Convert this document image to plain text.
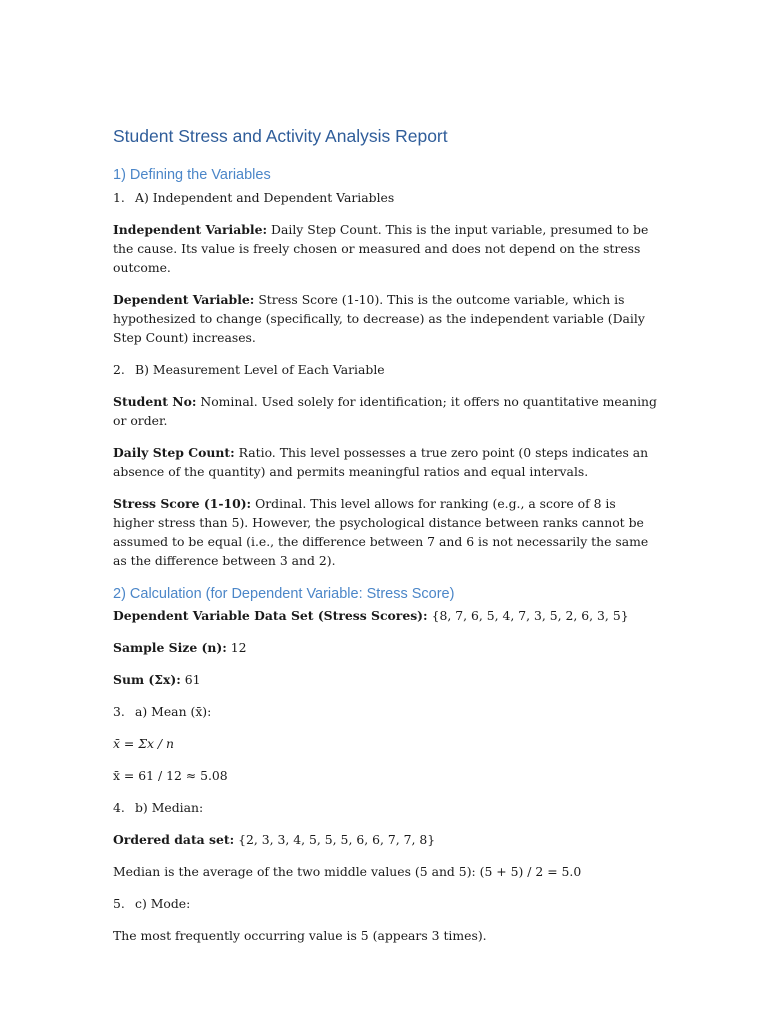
Student Stress and Activity Analysis Report
1) Defining the Variables

1. A) Independent and Dependent Variables

Independent Variable: Daily Step Count. This is the input variable, presumed to be the cause. Its value is freely chosen or measured and does not depend on the stress outcome.

Dependent Variable: Stress Score (1-10). This is the outcome variable, which is hypothesized to change (specifically, to decrease) as the independent variable (Daily Step Count) increases.

2. B) Measurement Level of Each Variable

Student No: Nominal. Used solely for identification; it offers no quantitative meaning or order.

Daily Step Count: Ratio. This level possesses a true zero point (0 steps indicates an absence of the quantity) and permits meaningful ratios and equal intervals.

Stress Score (1-10): Ordinal. This level allows for ranking (e.g., a score of 8 is higher stress than 5). However, the psychological distance between ranks cannot be assumed to be equal (i.e., the difference between 7 and 6 is not necessarily the same as the difference between 3 and 2).

2) Calculation (for Dependent Variable: Stress Score)

Dependent Variable Data Set (Stress Scores): {8, 7, 6, 5, 4, 7, 3, 5, 2, 6, 3, 5}

Sample Size (n): 12

Sum (Σx): 61

3. a) Mean (x̄):

x̄ = Σx / n

x̄ = 61 / 12 ≈ 5.08

4. b) Median:

Ordered data set: {2, 3, 3, 4, 5, 5, 5, 6, 6, 7, 7, 8}

Median is the average of the two middle values (5 and 5): (5 + 5) / 2 = 5.0

5. c) Mode:

The most frequently occurring value is 5 (appears 3 times).
